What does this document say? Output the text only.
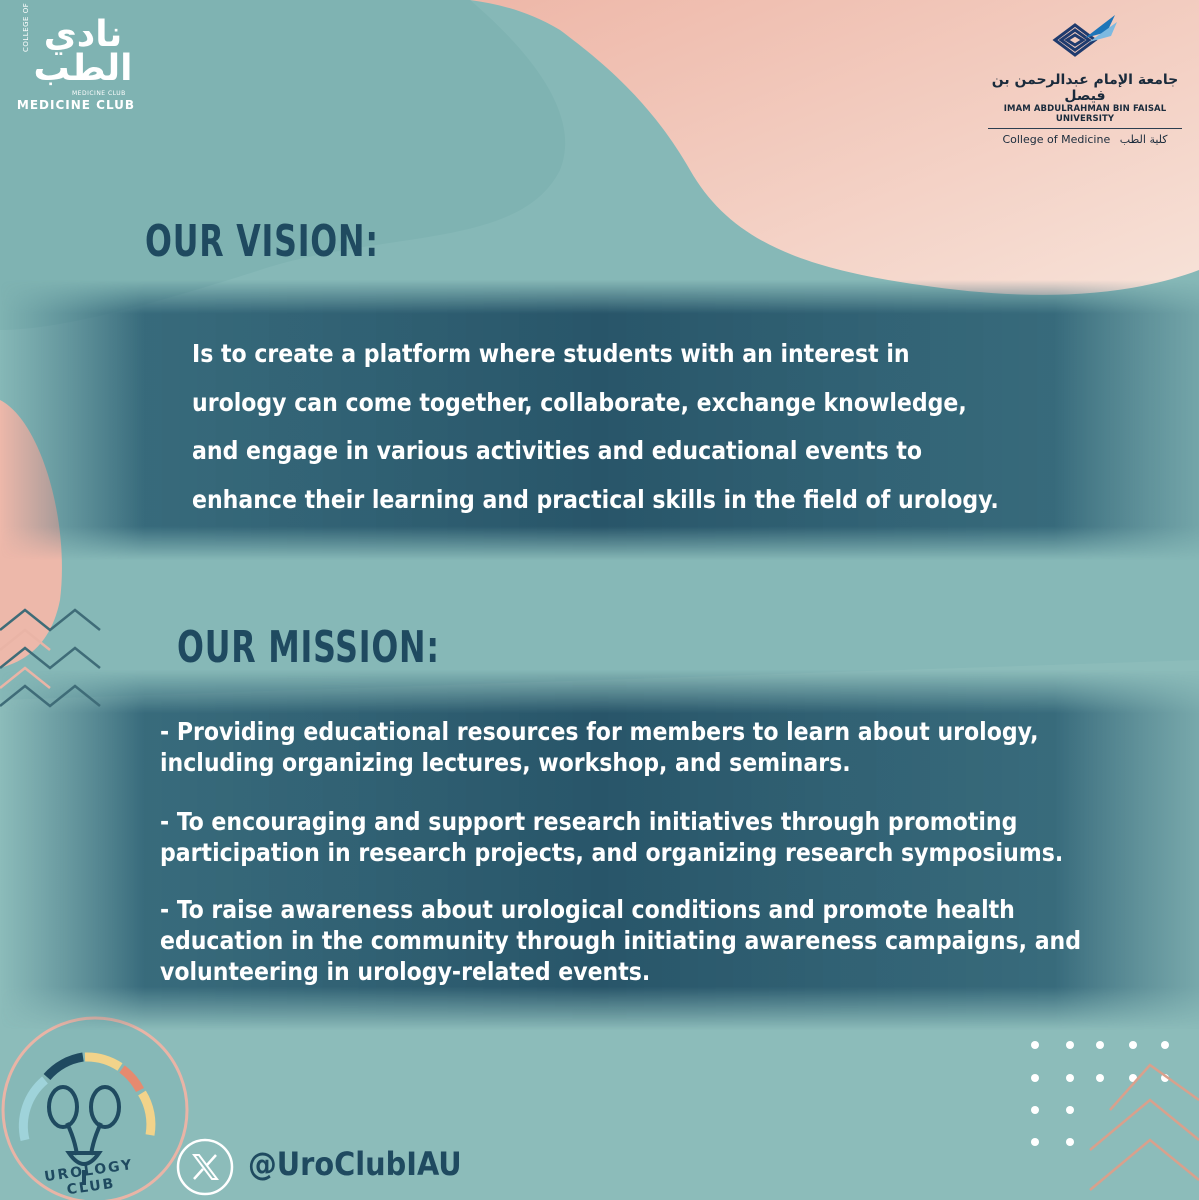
COLLEGE OF نادي الطب
MEDICINE CLUB
MEDICINE CLUB
جامعة الإمام عبدالرحمن بن فيصل
IMAM ABDULRAHMAN BIN FAISAL UNIVERSITY
College of Medicine كلية الطب
OUR VISION:
Is to create a platform where students with an interest in
urology can come together, collaborate, exchange knowledge,
and engage in various activities and educational events to
enhance their learning and practical skills in the field of urology.
OUR MISSION:
- Providing educational resources for members to learn about urology,
including organizing lectures, workshop, and seminars.
- To encouraging and support research initiatives through promoting
participation in research projects, and organizing research symposiums.
- To raise awareness about urological conditions and promote health
education in the community through initiating awareness campaigns, and
volunteering in urology-related events.
UROLOGY CLUB
@UroClubIAU
